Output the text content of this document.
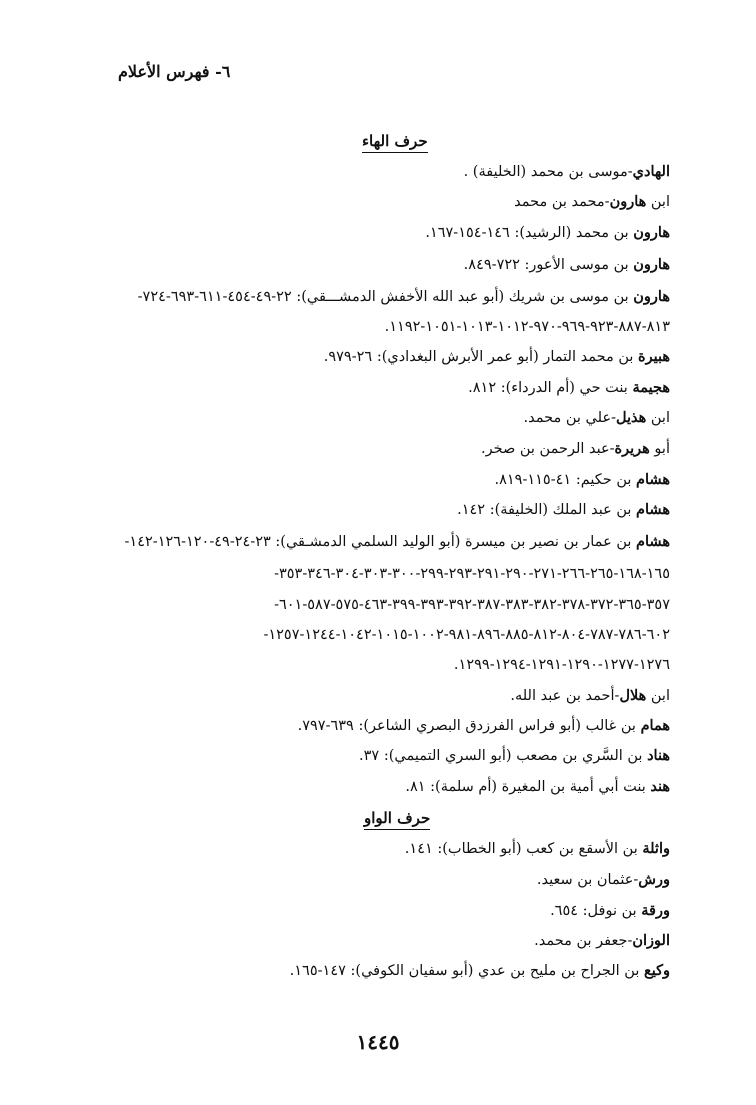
٦- فهرس الأعلام
حرف الهاء
الهادي-موسى بن محمد (الخليفة) .
ابن هارون-محمد بن محمد
هارون بن محمد (الرشيد): ١٤٦-١٥٤-١٦٧.
هارون بن موسى الأعور: ٧٢٢-٨٤٩.
هارون بن موسى بن شريك (أبو عبد الله الأخفش الدمشـــقي): ٢٢-٤٩-٤٥٤-٦١١-٦٩٣-٧٢٤-
٨١٣-٨٨٧-٩٢٣-٩٦٩-٩٧٠-١٠١٢-١٠١٣-١٠٥١-١١٩٢.
هبيرة بن محمد التمار (أبو عمر الأبرش البغدادي): ٢٦-٩٧٩.
هجيمة بنت حي (أم الدرداء): ٨١٢.
ابن هذيل-علي بن محمد.
أبو هريرة-عبد الرحمن بن صخر.
هشام بن حكيم: ٤١-١١٥-٨١٩.
هشام بن عبد الملك (الخليفة): ١٤٢.
هشام بن عمار بن نصير بن ميسرة (أبو الوليد السلمي الدمشـقي): ٢٣-٢٤-٤٩-١٢٠-١٢٦-١٤٢-
١٦٥-١٦٨-٢٦٥-٢٦٦-٢٧١-٢٩٠-٢٩١-٢٩٣-٢٩٩-٣٠٠-٣٠٣-٣٠٤-٣٤٦-٣٥٣-
٣٥٧-٣٦٥-٣٧٢-٣٧٨-٣٨٢-٣٨٣-٣٨٧-٣٩٢-٣٩٣-٣٩٩-٤٦٣-٥٧٥-٥٨٧-٦٠١-
٦٠٢-٧٨٦-٧٨٧-٨٠٤-٨١٢-٨٨٥-٨٩٦-٩٨١-١٠٠٢-١٠١٥-١٠٤٢-١٢٤٤-١٢٥٧-
١٢٧٦-١٢٧٧-١٢٩٠-١٢٩١-١٢٩٤-١٢٩٩.
ابن هلال-أحمد بن عبد الله.
همام بن غالب (أبو فراس الفرزدق البصري الشاعر): ٦٣٩-٧٩٧.
هناد بن السَّري بن مصعب (أبو السري التميمي): ٣٧.
هند بنت أبي أمية بن المغيرة (أم سلمة): ٨١.
حرف الواو
واثلة بن الأسقع بن كعب (أبو الخطاب): ١٤١.
ورش-عثمان بن سعيد.
ورقة بن نوفل: ٦٥٤.
الوزان-جعفر بن محمد.
وكيع بن الجراح بن مليح بن عدي (أبو سفيان الكوفي): ١٤٧-١٦٥.
١٤٤٥
